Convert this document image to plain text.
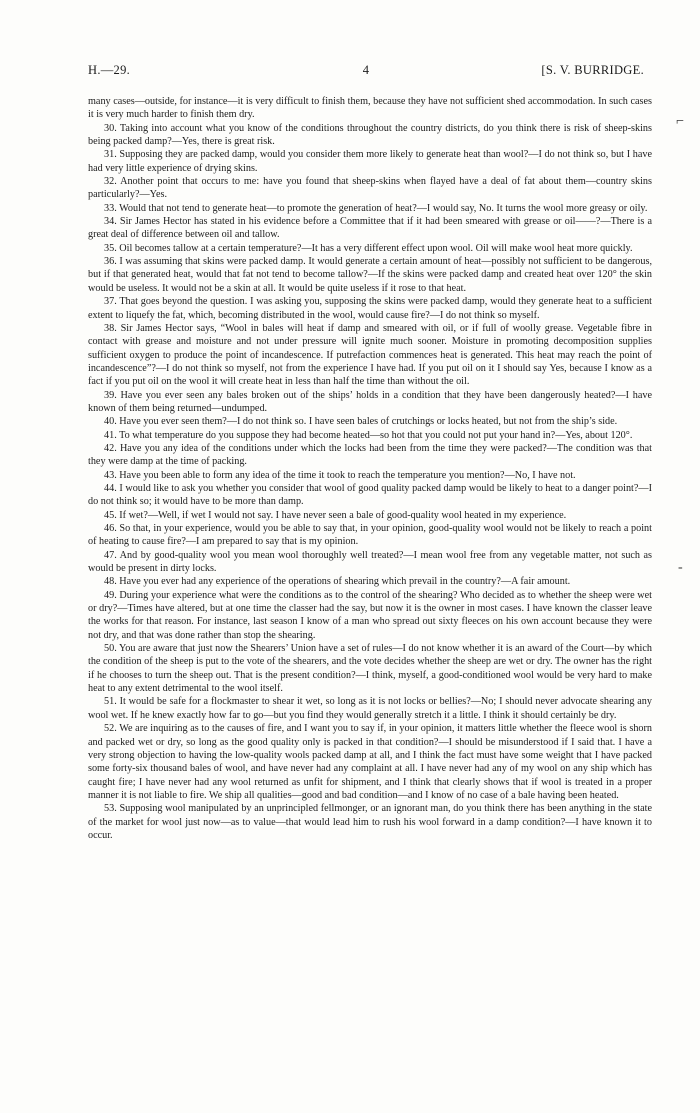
H.—29.	4	[S. V. BURRIDGE.

many cases—outside, for instance—it is very difficult to finish them, because they have not sufficient shed accommodation. In such cases it is very much harder to finish them dry.

30. Taking into account what you know of the conditions throughout the country districts, do you think there is risk of sheep-skins being packed damp?—Yes, there is great risk.

31. Supposing they are packed damp, would you consider them more likely to generate heat than wool?—I do not think so, but I have had very little experience of drying skins.

32. Another point that occurs to me: have you found that sheep-skins when flayed have a deal of fat about them—country skins particularly?—Yes.

33. Would that not tend to generate heat—to promote the generation of heat?—I would say, No. It turns the wool more greasy or oily.

34. Sir James Hector has stated in his evidence before a Committee that if it had been smeared with grease or oil——?—There is a great deal of difference between oil and tallow.

35. Oil becomes tallow at a certain temperature?—It has a very different effect upon wool. Oil will make wool heat more quickly.

36. I was assuming that skins were packed damp. It would generate a certain amount of heat—possibly not sufficient to be dangerous, but if that generated heat, would that fat not tend to become tallow?—If the skins were packed damp and created heat over 120° the skin would be useless. It would not be a skin at all. It would be quite useless if it rose to that heat.

37. That goes beyond the question. I was asking you, supposing the skins were packed damp, would they generate heat to a sufficient extent to liquefy the fat, which, becoming distributed in the wool, would cause fire?—I do not think so myself.

38. Sir James Hector says, “Wool in bales will heat if damp and smeared with oil, or if full of woolly grease. Vegetable fibre in contact with grease and moisture and not under pressure will ignite much sooner. Moisture in promoting decomposition supplies sufficient oxygen to produce the point of incandescence. If putrefaction commences heat is generated. This heat may reach the point of incandescence”?—I do not think so myself, not from the experience I have had. If you put oil on it I should say Yes, because I know as a fact if you put oil on the wool it will create heat in less than half the time than without the oil.

39. Have you ever seen any bales broken out of the ships’ holds in a condition that they have been dangerously heated?—I have known of them being returned—undumped.

40. Have you ever seen them?—I do not think so. I have seen bales of crutchings or locks heated, but not from the ship’s side.

41. To what temperature do you suppose they had become heated—so hot that you could not put your hand in?—Yes, about 120°.

42. Have you any idea of the conditions under which the locks had been from the time they were packed?—The condition was that they were damp at the time of packing.

43. Have you been able to form any idea of the time it took to reach the temperature you mention?—No, I have not.

44. I would like to ask you whether you consider that wool of good quality packed damp would be likely to heat to a danger point?—I do not think so; it would have to be more than damp.

45. If wet?—Well, if wet I would not say. I have never seen a bale of good-quality wool heated in my experience.

46. So that, in your experience, would you be able to say that, in your opinion, good-quality wool would not be likely to reach a point of heating to cause fire?—I am prepared to say that is my opinion.

47. And by good-quality wool you mean wool thoroughly well treated?—I mean wool free from any vegetable matter, not such as would be present in dirty locks.

48. Have you ever had any experience of the operations of shearing which prevail in the country?—A fair amount.

49. During your experience what were the conditions as to the control of the shearing? Who decided as to whether the sheep were wet or dry?—Times have altered, but at one time the classer had the say, but now it is the owner in most cases. I have known the classer leave the works for that reason. For instance, last season I know of a man who spread out sixty fleeces on his own account because they were not dry, and that was done rather than stop the shearing.

50. You are aware that just now the Shearers’ Union have a set of rules—I do not know whether it is an award of the Court—by which the condition of the sheep is put to the vote of the shearers, and the vote decides whether the sheep are wet or dry. The owner has the right if he chooses to turn the sheep out. That is the present condition?—I think, myself, a good-conditioned wool would be very hard to make heat to any extent detrimental to the wool itself.

51. It would be safe for a flockmaster to shear it wet, so long as it is not locks or bellies?—No; I should never advocate shearing any wool wet. If he knew exactly how far to go—but you find they would generally stretch it a little. I think it should certainly be dry.

52. We are inquiring as to the causes of fire, and I want you to say if, in your opinion, it matters little whether the fleece wool is shorn and packed wet or dry, so long as the good quality only is packed in that condition?—I should be misunderstood if I said that. I have a very strong objection to having the low-quality wools packed damp at all, and I think the fact must have some weight that I have packed some forty-six thousand bales of wool, and have never had any complaint at all. I have never had any of my wool on any ship which has caught fire; I have never had any wool returned as unfit for shipment, and I think that clearly shows that if wool is treated in a proper manner it is not liable to fire. We ship all qualities—good and bad condition—and I know of no case of a bale having been heated.

53. Supposing wool manipulated by an unprincipled fellmonger, or an ignorant man, do you think there has been anything in the state of the market for wool just now—as to value—that would lead him to rush his wool forward in a damp condition?—I have known it to occur.

⌐
-
